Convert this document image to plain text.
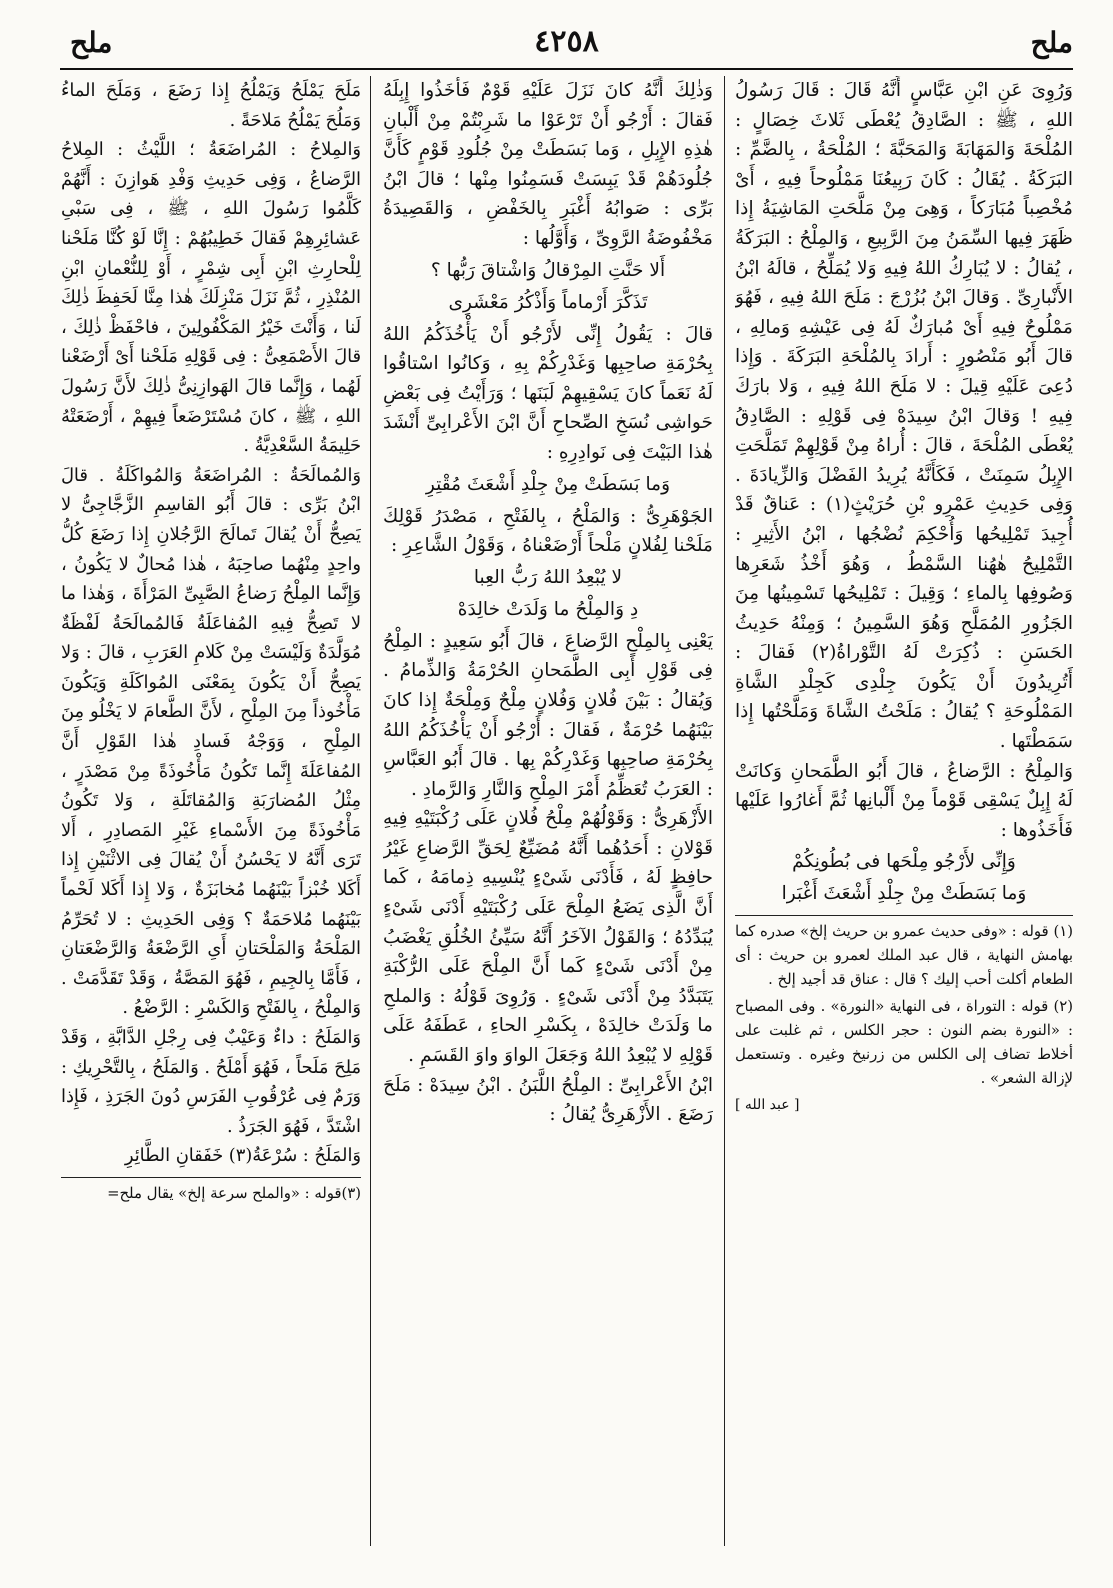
ملح
٤٢٥٨
ملح

وَرُوِىَ عَنِ ابْنِ عَبَّاسٍ أَنَّهُ قَالَ : قَالَ رَسُولُ اللهِ ، ﷺ : الصَّادِقُ يُعْطَى ثَلاثَ خِصَالٍ : المُلْحَةَ وَالمَهَابَةَ وَالمَحَبَّةَ ؛ المُلْحَةُ ، بِالضَّمِّ : البَرَكَةُ . يُقَالُ : كَانَ رَبِيعُنَا مَمْلُوحاً فِيهِ ، أَىْ مُخْصِباً مُبَارَكاً ، وَهِىَ مِنْ مَلَّحَتِ المَاشِيَةُ إِذا ظَهَرَ فِيها السِّمَنُ مِنَ الرَّبِيعِ ، وَالمِلْحُ : البَرَكَةُ ، يُقالُ : لا يُبَارِكُ اللهُ فِيهِ وَلا يُمَلِّحُ ، قالَهُ ابْنُ الأَنْبارِىِّ . وَقالَ ابْنُ بُزُرْجَ : مَلَحَ اللهُ فِيهِ ، فَهُوَ مَمْلُوحٌ فِيهِ أَىْ مُبارَكٌ لَهُ فِى عَيْشِهِ وَمالِهِ ، قالَ أَبُو مَنْصُورٍ : أَرادَ بِالمُلْحَةِ البَرَكَةَ . وَإِذا دُعِىَ عَلَيْهِ قِيلَ : لا مَلَحَ اللهُ فِيهِ ، وَلا بارَكَ فِيهِ ! وَقالَ ابْنُ سِيدَهْ فِى قَوْلِهِ : الصَّادِقُ يُعْطَى المُلْحَةَ ، قالَ : أُراهُ مِنْ قَوْلِهِمْ تَمَلَّحَتِ الإِبِلُ سَمِنَتْ ، فَكَأَنَّهُ يُرِيدُ الفَضْلَ وَالزِّيادَةَ . وَفِى حَدِيثِ عَمْرِو بْنِ حُرَيْثٍ(١) : عَناقٌ قَدْ أُجِيدَ تَمْلِيحُها وَأُحْكِمَ نُضْجُها ، ابْنُ الأَثِيرِ : التَّمْلِيحُ هٰهُنا السَّمْطُ ، وَهُوَ أَخْذُ شَعَرِها وَصُوفِها بِالماءِ ؛ وَقِيلَ : تَمْلِيحُها تَسْمِينُها مِنَ الجَزُورِ المُمَلَّحِ وَهُوَ السَّمِينُ ؛ وَمِنْهُ حَدِيثُ الحَسَنِ : ذُكِرَتْ لَهُ التَّوْراةُ(٢) فَقالَ : أَتُرِيدُونَ أَنْ يَكُونَ جِلْدِى كَجِلْدِ الشَّاةِ المَمْلُوحَةِ ؟ يُقالُ : مَلَحْتُ الشَّاةَ وَمَلَّحْتُها إِذا سَمَطْتَها .

وَالمِلْحُ : الرَّضاعُ ، قالَ أَبُو الطَّمَحانِ وَكانَتْ لَهُ إِبِلٌ يَسْقِى قَوْماً مِنْ أَلْبانِها ثُمَّ أَغارُوا عَلَيْها فَأَخَذُوها :

وَإِنِّى لأَرْجُو مِلْحَها فى بُطُونِكُمْ
وَما بَسَطَتْ مِنْ جِلْدِ أَشْعَثَ أَغْبَرا

(١) قوله : «وفى حديث عمرو بن حريث إلخ» صدره كما بهامش النهاية ، قال عبد الملك لعمرو بن حريث : أى الطعام أكلت أحب إليك ؟ قال : عناق قد أجيد إلخ .

(٢) قوله : التوراة ، فى النهاية «النورة» . وفى المصباح : «النورة بضم النون : حجر الكلس ، ثم غلبت على أخلاط تضاف إلى الكلس من زرنيخ وغيره . وتستعمل لإزالة الشعر» .

[ عبد الله ]

وَذٰلِكَ أَنَّهُ كانَ نَزَلَ عَلَيْهِ قَوْمٌ فَأَخَذُوا إِبِلَهُ فَقالَ : أَرْجُو أَنْ تَرْعَوْا ما شَرِبْتُمْ مِنْ أَلْبانِ هٰذِهِ الإِبِلِ ، وَما بَسَطَتْ مِنْ جُلُودِ قَوْمٍ كَأَنَّ جُلُودَهُمْ قَدْ يَبِسَتْ فَسَمِنُوا مِنْها ؛ قالَ ابْنُ بَرِّى : صَوابُهُ أَغْبَرِ بِالخَفْضِ ، وَالقَصِيدَةُ مَخْفُوضَةُ الرَّوِىِّ ، وَأَوَّلُها :

أَلا حَنَّتِ المِرْقالُ وَاشْتاقَ رَبُّها ؟
تَذَكَّرَ أَرْماماً وَأَذْكُرُ مَعْشَرِى

قالَ : يَقُولُ إِنِّى لأَرْجُو أَنْ يَأْخُذَكُمُ اللهُ بِحُرْمَةِ صاحِبِها وَغَدْرِكُمْ بِهِ ، وَكانُوا اسْتاقُوا لَهُ نَعَماً كانَ يَسْقِيهِمْ لَبَنَها ؛ وَرَأَيْتُ فِى بَعْضِ حَواشِى نُسَخِ الصِّحاحِ أَنَّ ابْنَ الأَعْرابِىِّ أَنْشَدَ هٰذا البَيْتَ فِى نَوادِرِهِ :

وَما بَسَطَتْ مِنْ جِلْدِ أَشْعَثَ مُقْتِرِ

الجَوْهَرِىُّ : وَالمَلْحُ ، بِالفَتْحِ ، مَصْدَرُ قَوْلِكَ مَلَحْنا لِفُلانٍ مَلْحاً أَرْضَعْناهُ ، وَقَوْلُ الشَّاعِرِ :

لا يُبْعِدُ اللهُ رَبُّ العِبا
دِ وَالمِلْحُ ما وَلَدَتْ خالِدَهْ

يَعْنِى بِالمِلْحِ الرَّضاعَ ، قالَ أَبُو سَعِيدٍ : المِلْحُ فِى قَوْلِ أَبِى الطَّمَحانِ الحُرْمَةُ وَالذِّمامُ . وَيُقالُ : بَيْنَ فُلانٍ وَفُلانٍ مِلْحٌ وَمِلْحَةٌ إِذا كانَ بَيْنَهُما حُرْمَةٌ ، فَقالَ : أَرْجُو أَنْ يَأْخُذَكُمُ اللهُ بِحُرْمَةِ صاحِبِها وَغَدْرِكُمْ بِها . قالَ أَبُو العَبَّاسِ : العَرَبُ تُعَظِّمُ أَمْرَ المِلْحِ وَالنَّارِ وَالرَّمادِ .

الأَزْهَرِىُّ : وَقَوْلُهُمْ مِلْحُ فُلانٍ عَلَى رُكْبَتَيْهِ فِيهِ قَوْلانِ : أَحَدُهُما أَنَّهُ مُضَيِّعٌ لِحَقِّ الرَّضاعِ غَيْرُ حافِظٍ لَهُ ، فَأَدْنَى شَىْءٍ يُنْسِيهِ ذِمامَهُ ، كَما أَنَّ الَّذِى يَضَعُ المِلْحَ عَلَى رُكْبَتَيْهِ أَدْنَى شَىْءٍ يُبَدِّدُهُ ؛ وَالقَوْلُ الآخَرُ أَنَّهُ سَيِّئُ الخُلُقِ يَغْضَبُ مِنْ أَدْنَى شَىْءٍ كَما أَنَّ المِلْحَ عَلَى الرُّكْبَةِ يَتَبَدَّدُ مِنْ أَدْنَى شَىْءٍ . وَرُوِىَ قَوْلُهُ : وَالملحِ ما وَلَدَتْ خالِدَهْ ، بِكَسْرِ الحاءِ ، عَطَفَهُ عَلَى قَوْلِهِ لا يُبْعِدُ اللهُ وَجَعَلَ الواوَ واوَ القَسَمِ .

ابْنُ الأَعْرابِىِّ : المِلْحُ اللَّبَنُ . ابْنُ سِيدَهْ : مَلَحَ رَضَعَ . الأَزْهَرِىُّ يُقالُ :

مَلَحَ يَمْلَحُ وَيَمْلُحُ إِذا رَضَعَ ، وَمَلَحَ الماءُ وَمَلُحَ يَمْلُحُ مَلاحَةً .

وَالمِلاحُ : المُراضَعَةُ ؛ اللَّيْثُ : المِلاحُ الرَّضاعُ ، وَفِى حَدِيثِ وَفْدِ هَوازِنَ : أَنَّهُمْ كَلَّمُوا رَسُولَ اللهِ ، ﷺ ، فِى سَبْىِ عَشائِرِهِمْ فَقالَ خَطِيبُهُمْ : إِنَّا لَوْ كُنَّا مَلَحْنا لِلْحارِثِ ابْنِ أَبِى شِمْرٍ ، أَوْ لِلنُّعْمانِ ابْنِ المُنْذِرِ ، ثُمَّ نَزَلَ مَنْزِلَكَ هٰذا مِنَّا لَحَفِظَ ذٰلِكَ لَنا ، وَأَنْتَ خَيْرُ المَكْفُولِينَ ، فاحْفَظْ ذٰلِكَ ، قالَ الأَصْمَعِىُّ : فِى قَوْلِهِ مَلَحْنا أَىْ أَرْضَعْنا لَهُما ، وَإِنَّما قالَ الهَوازِنِىُّ ذٰلِكَ لأَنَّ رَسُولَ اللهِ ، ﷺ ، كانَ مُسْتَرْضَعاً فِيهِمْ ، أَرْضَعَتْهُ حَلِيمَةُ السَّعْدِيَّةُ .

وَالمُمالَحَةُ : المُراضَعَةُ وَالمُواكَلَةُ . قالَ ابْنُ بَرِّى : قالَ أَبُو القاسِمِ الزَّجَّاجِىُّ لا يَصِحُّ أَنْ يُقالَ تَمالَحَ الرَّجُلانِ إِذا رَضَعَ كُلُّ واحِدٍ مِنْهُما صاحِبَهُ ، هٰذا مُحالٌ لا يَكُونُ ، وَإِنَّما المِلْحُ رَضاعُ الصَّبِىِّ المَرْأَةَ ، وَهٰذا ما لا تَصِحُّ فِيهِ المُفاعَلَةُ فَالمُمالَحَةُ لَفْظَةٌ مُوَلَّدَةٌ وَلَيْسَتْ مِنْ كَلامِ العَرَبِ ، قالَ : وَلا يَصِحُّ أَنْ يَكُونَ بِمَعْنَى المُواكَلَةِ وَيَكُونَ مَأْخُوذاً مِنَ المِلْحِ ، لأَنَّ الطَّعامَ لا يَخْلُو مِنَ المِلْحِ ، وَوَجْهُ فَسادِ هٰذا القَوْلِ أَنَّ المُفاعَلَةَ إِنَّما تَكُونُ مَأْخُوذَةً مِنْ مَصْدَرٍ ، مِثْلُ المُضارَبَةِ وَالمُقاتَلَةِ ، وَلا تَكُونُ مَأْخُوذَةً مِنَ الأَسْماءِ غَيْرِ المَصادِرِ ، أَلا تَرَى أَنَّهُ لا يَحْسُنُ أَنْ يُقالَ فِى الاثْنَيْنِ إِذا أَكَلا خُبْزاً بَيْنَهُما مُخابَزَةٌ ، وَلا إِذا أَكَلا لَحْماً بَيْنَهُما مُلاحَمَةٌ ؟ وَفِى الحَدِيثِ : لا تُحَرِّمُ المَلْحَةُ وَالمَلْحَتانِ أَىِ الرَّضْعَةُ وَالرَّضْعَتانِ ، فَأَمَّا بِالجِيمِ ، فَهُوَ المَصَّةُ ، وَقَدْ تَقَدَّمَتْ . وَالمِلْحُ ، بِالفَتْحِ وَالكَسْرِ : الرَّضْعُ .

وَالمَلَحُ : داءٌ وَعَيْبٌ فِى رِجْلِ الدَّابَّةِ ، وَقَدْ مَلِحَ مَلَحاً ، فَهُوَ أَمْلَحُ . وَالمَلَحُ ، بِالتَّحْرِيكِ : وَرَمٌ فِى عُرْقُوبِ الفَرَسِ دُونَ الجَرَذِ ، فَإِذا اشْتَدَّ ، فَهُوَ الجَرَذُ .

وَالمَلَحُ : سُرْعَةُ(٣) خَفَقانِ الطَّائِرِ

(٣)قوله : «والملح سرعة إلخ» يقال ملح=
